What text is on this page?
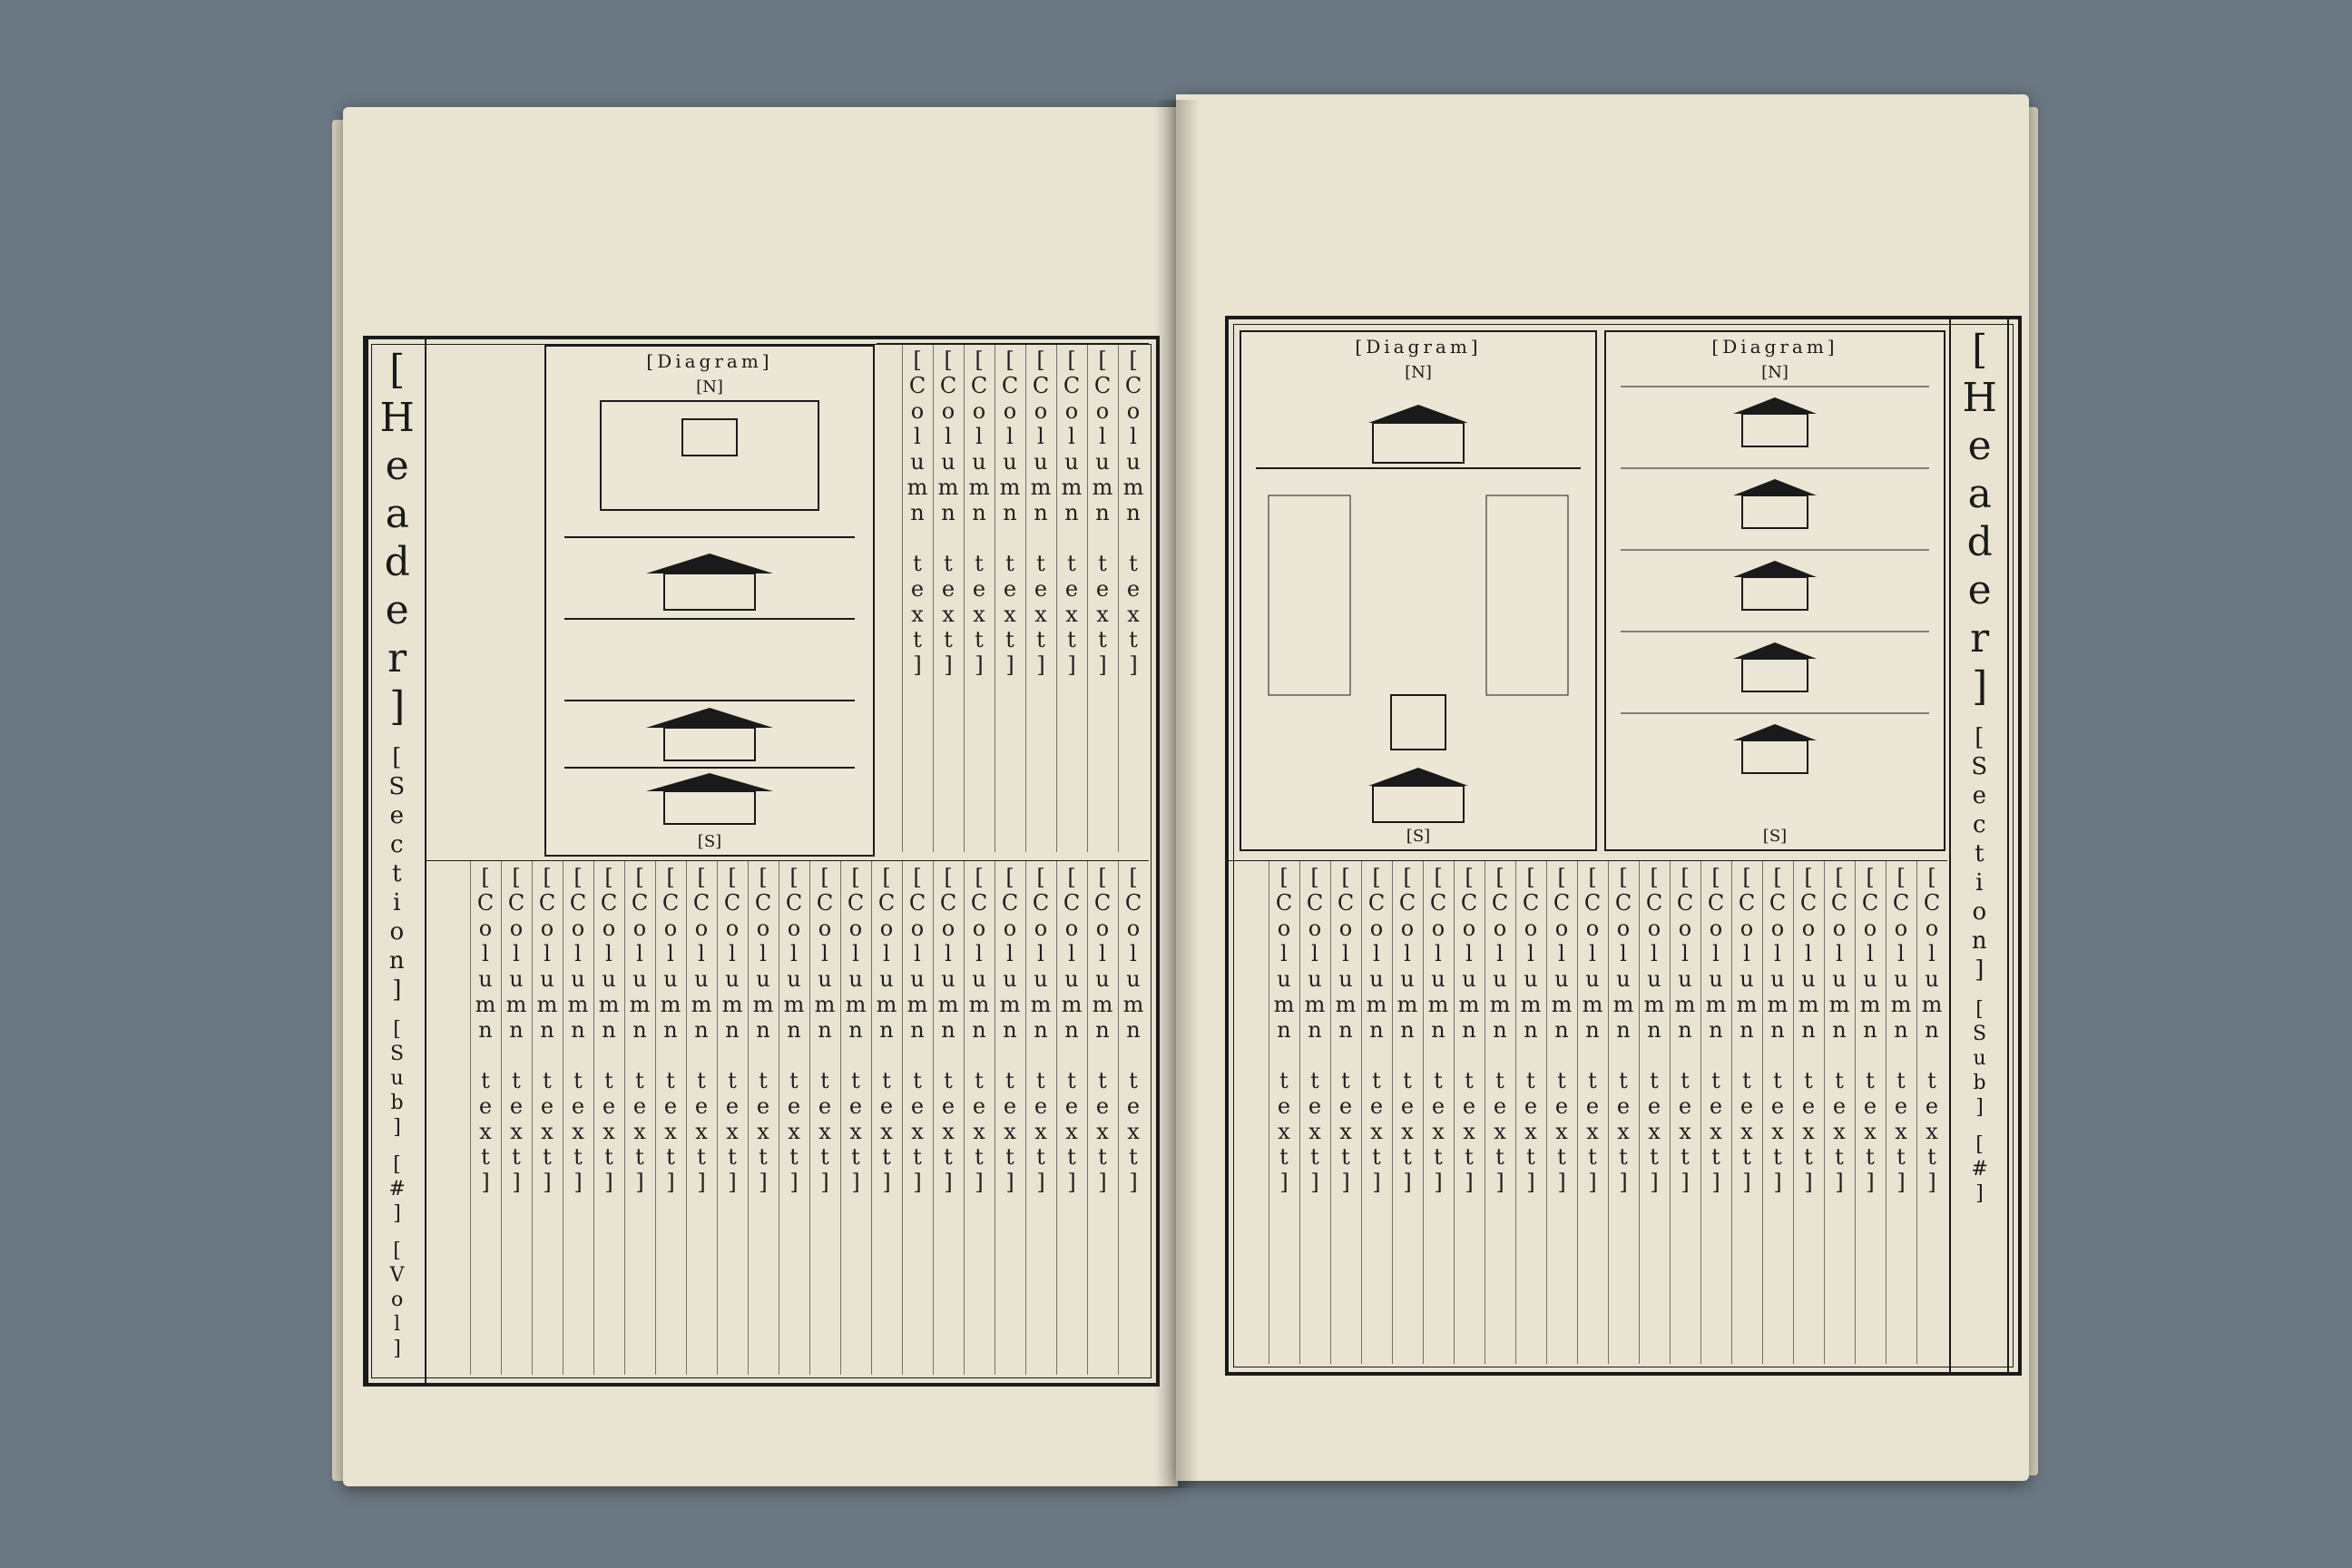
[Header]
[Section]
[Sub]
[#]
[Vol]
[Header]
[Section]
[Sub]
[#]
[Diagram]
[N]
[S]
[Diagram]
[N]
[S]
[Diagram]
[N]
[S]
[Column text]
[Column text]
[Column text]
[Column text]
[Column text]
[Column text]
[Column text]
[Column text]
[Column text]
[Column text]
[Column text]
[Column text]
[Column text]
[Column text]
[Column text]
[Column text]
[Column text]
[Column text]
[Column text]
[Column text]
[Column text]
[Column text]
[Column text]
[Column text]
[Column text]
[Column text]
[Column text]
[Column text]
[Column text]
[Column text]	[Column text]
[Column text]
[Column text]
[Column text]
[Column text]
[Column text]
[Column text]
[Column text]
[Column text]
[Column text]
[Column text]
[Column text]
[Column text]
[Column text]
[Column text]
[Column text]
[Column text]
[Column text]
[Column text]
[Column text]
[Column text]
[Column text]
